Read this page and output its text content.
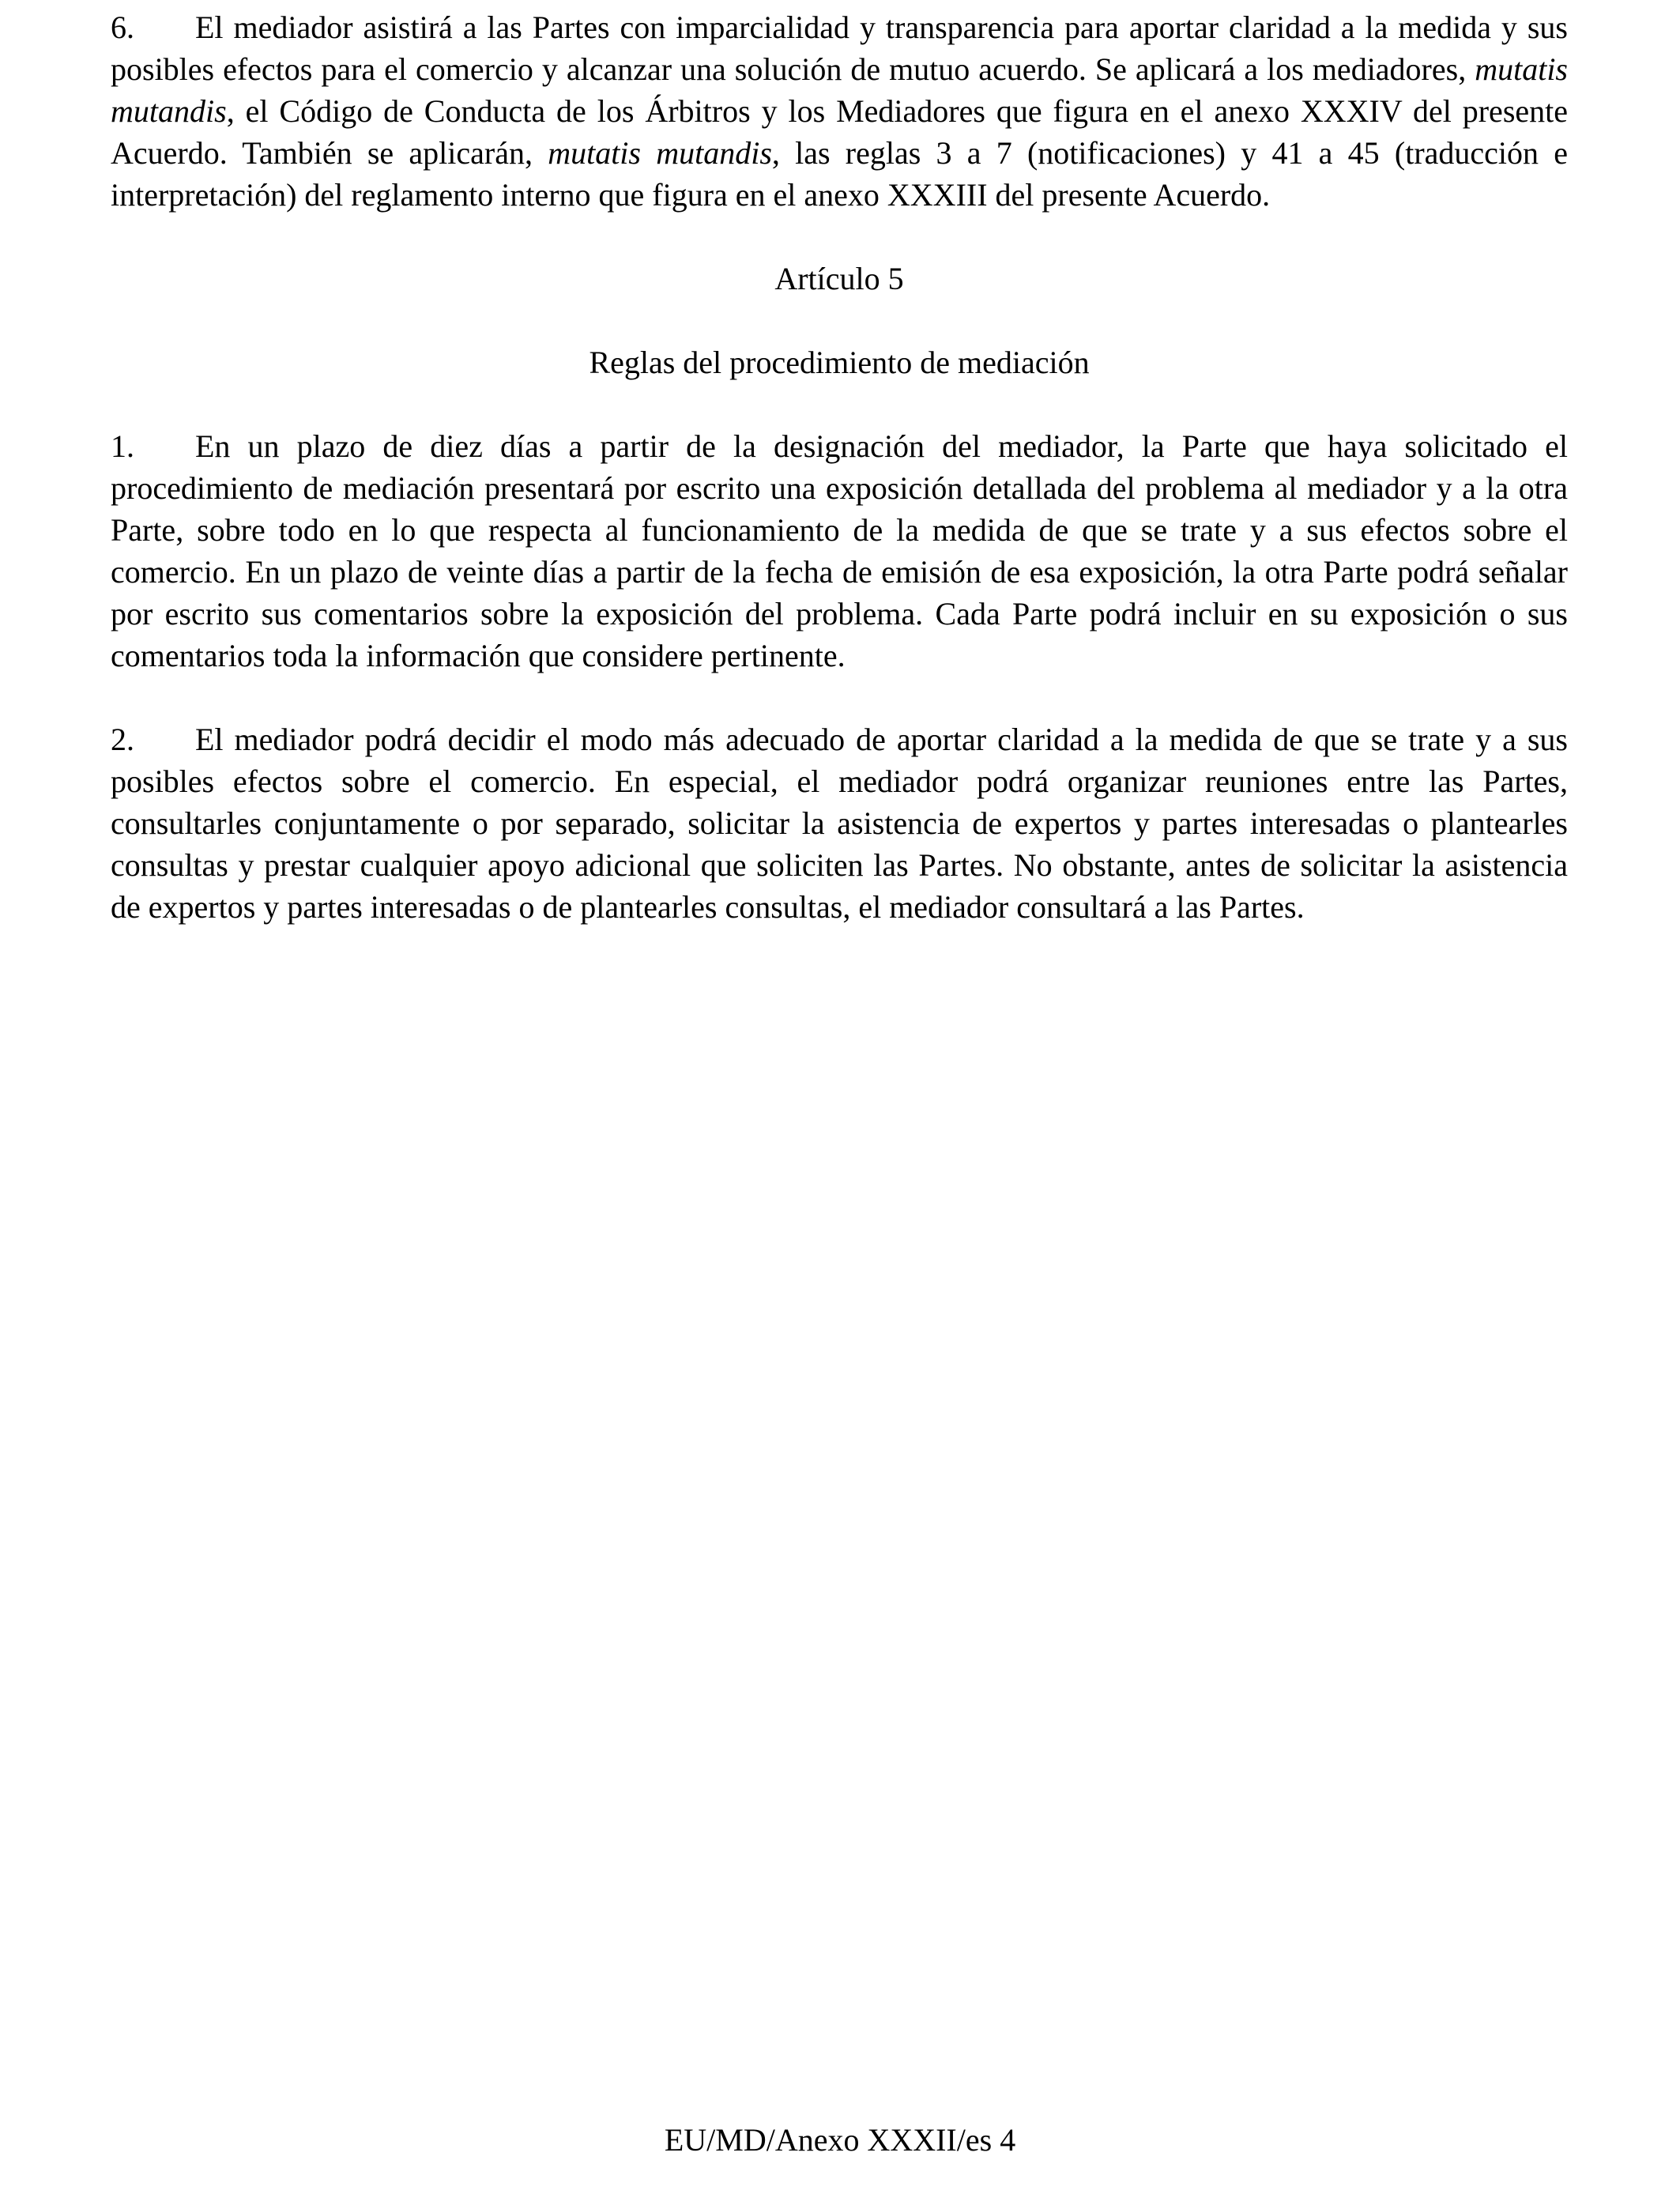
6. El mediador asistirá a las Partes con imparcialidad y transparencia para aportar claridad a la medida y sus posibles efectos para el comercio y alcanzar una solución de mutuo acuerdo. Se aplicará a los mediadores, mutatis mutandis, el Código de Conducta de los Árbitros y los Mediadores que figura en el anexo XXXIV del presente Acuerdo. También se aplicarán, mutatis mutandis, las reglas 3 a 7 (notificaciones) y 41 a 45 (traducción e interpretación) del reglamento interno que figura en el anexo XXXIII del presente Acuerdo.

Artículo 5

Reglas del procedimiento de mediación

1. En un plazo de diez días a partir de la designación del mediador, la Parte que haya solicitado el procedimiento de mediación presentará por escrito una exposición detallada del problema al mediador y a la otra Parte, sobre todo en lo que respecta al funcionamiento de la medida de que se trate y a sus efectos sobre el comercio. En un plazo de veinte días a partir de la fecha de emisión de esa exposición, la otra Parte podrá señalar por escrito sus comentarios sobre la exposición del problema. Cada Parte podrá incluir en su exposición o sus comentarios toda la información que considere pertinente.

2. El mediador podrá decidir el modo más adecuado de aportar claridad a la medida de que se trate y a sus posibles efectos sobre el comercio. En especial, el mediador podrá organizar reuniones entre las Partes, consultarles conjuntamente o por separado, solicitar la asistencia de expertos y partes interesadas o plantearles consultas y prestar cualquier apoyo adicional que soliciten las Partes. No obstante, antes de solicitar la asistencia de expertos y partes interesadas o de plantearles consultas, el mediador consultará a las Partes.

EU/MD/Anexo XXXII/es 4
